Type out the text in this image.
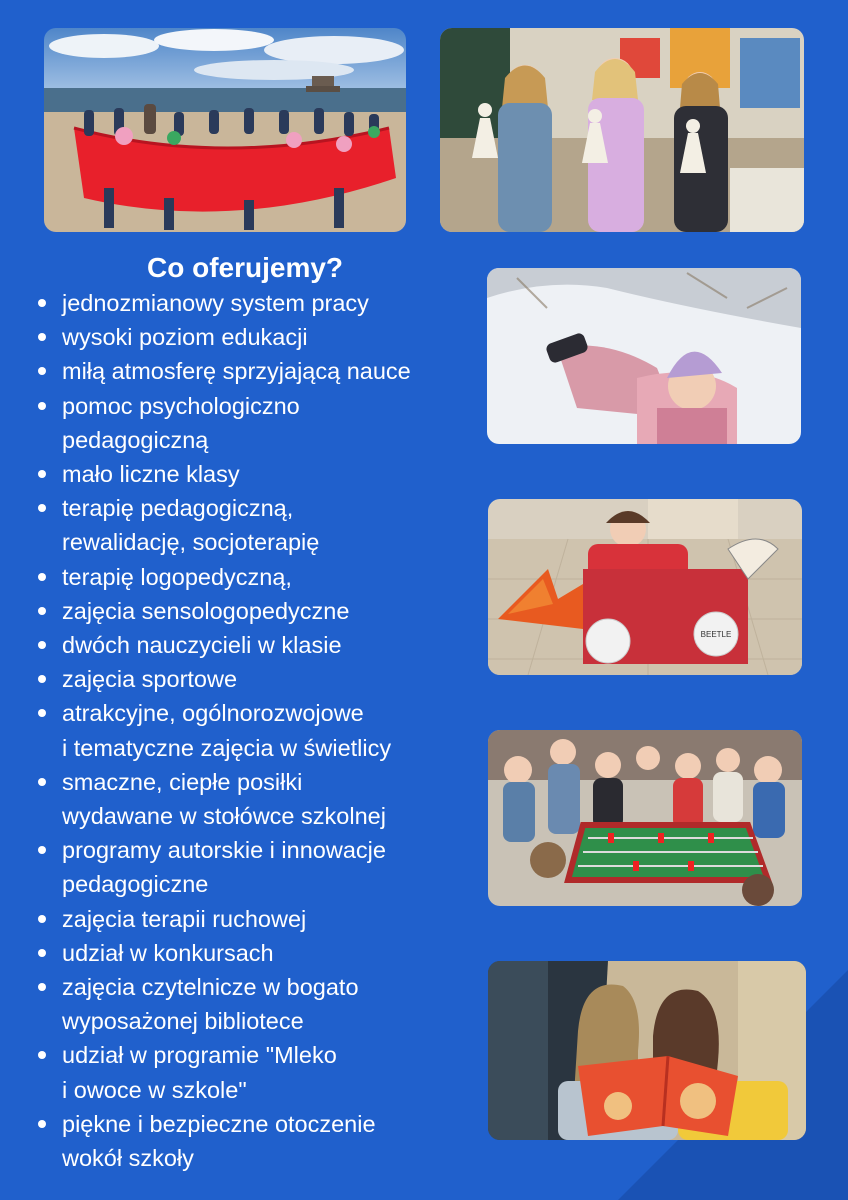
Co oferujemy?
jednozmianowy system pracy
wysoki poziom edukacji
miłą atmosferę sprzyjającą nauce
pomoc psychologiczno
pedagogiczną
mało liczne klasy
terapię pedagogiczną,
rewalidację, socjoterapię
terapię logopedyczną,
zajęcia sensologopedyczne
dwóch nauczycieli w klasie
zajęcia sportowe
atrakcyjne, ogólnorozwojowe
i tematyczne zajęcia w świetlicy
smaczne, ciepłe posiłki
wydawane w stołówce szkolnej
programy autorskie i innowacje
pedagogiczne
zajęcia terapii ruchowej
udział w konkursach
zajęcia czytelnicze w bogato
wyposażonej bibliotece
udział w programie "Mleko
i owoce w szkole"
piękne i bezpieczne otoczenie
wokół szkoły
BEETLE
